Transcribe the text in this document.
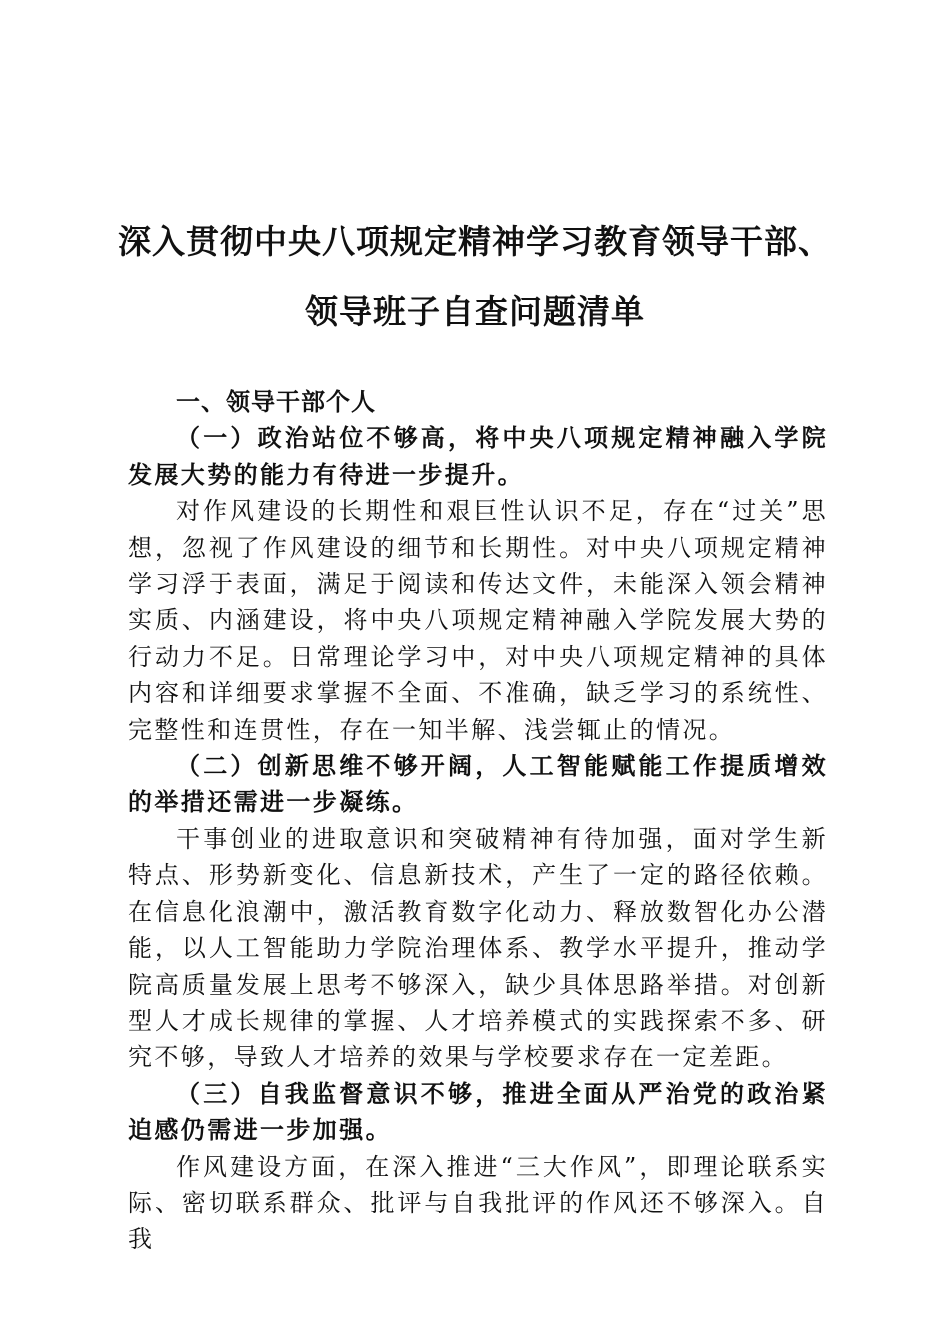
深入贯彻中央八项规定精神学习教育领导干部、
领导班子自查问题清单

一、领导干部个人

（一）政治站位不够高，将中央八项规定精神融入学院发展大势的能力有待进一步提升。

对作风建设的长期性和艰巨性认识不足，存在“过关”思想，忽视了作风建设的细节和长期性。对中央八项规定精神学习浮于表面，满足于阅读和传达文件，未能深入领会精神实质、内涵建设，将中央八项规定精神融入学院发展大势的行动力不足。日常理论学习中，对中央八项规定精神的具体内容和详细要求掌握不全面、不准确，缺乏学习的系统性、完整性和连贯性，存在一知半解、浅尝辄止的情况。

（二）创新思维不够开阔，人工智能赋能工作提质增效的举措还需进一步凝练。

干事创业的进取意识和突破精神有待加强，面对学生新特点、形势新变化、信息新技术，产生了一定的路径依赖。在信息化浪潮中，激活教育数字化动力、释放数智化办公潜能，以人工智能助力学院治理体系、教学水平提升，推动学院高质量发展上思考不够深入，缺少具体思路举措。对创新型人才成长规律的掌握、人才培养模式的实践探索不多、研究不够，导致人才培养的效果与学校要求存在一定差距。

（三）自我监督意识不够，推进全面从严治党的政治紧迫感仍需进一步加强。

作风建设方面，在深入推进“三大作风”，即理论联系实际、密切联系群众、批评与自我批评的作风还不够深入。自我
